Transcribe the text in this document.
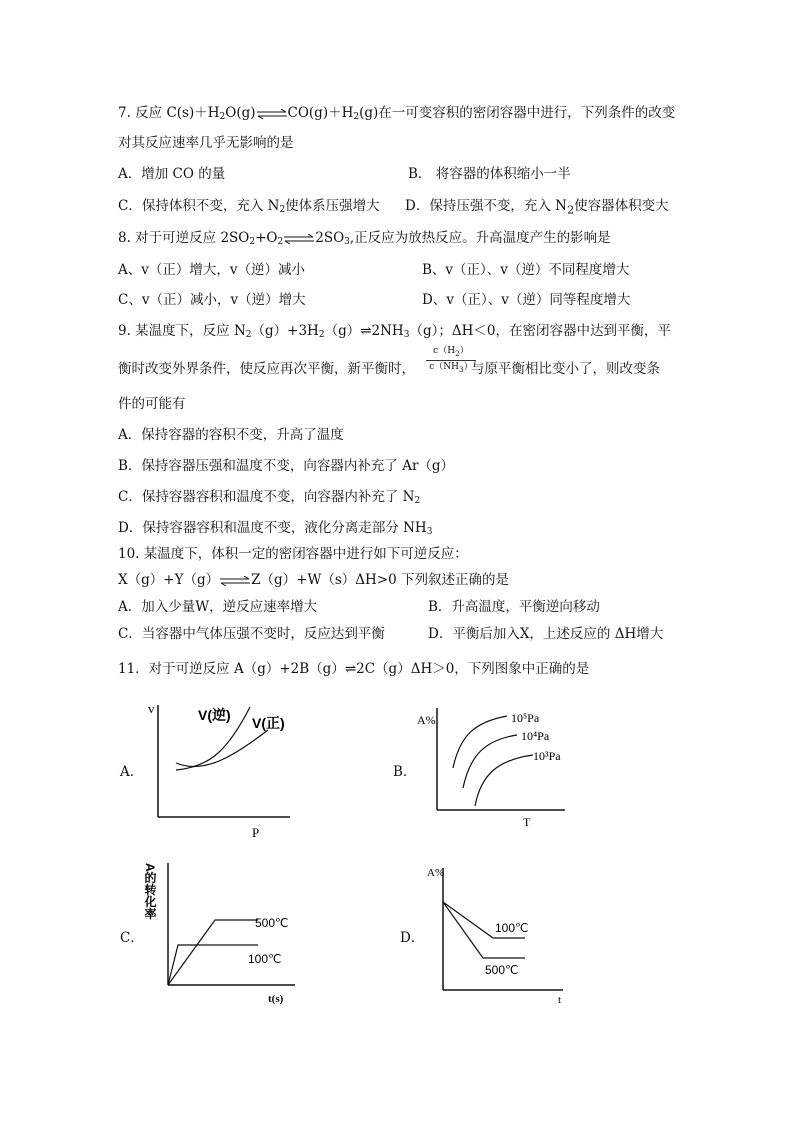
7. 反应 $C(s)+H_2O(g)\rightleftharpoons CO(g)+H_2(g)$在一可变容积的密闭容器中进行，下列条件的改变
对其反应速率几乎无影响的是
A．增加 CO 的量	B． 将容器的体积缩小一半
C．保持体积不变，充入 $N_2$使体系压强增大 D．保持压强不变，充入 $N_2$使容器体积变大
8. 对于可逆反应 $2SO_2+O_2\rightleftharpoons 2SO_3$,正反应为放热反应。升高温度产生的影响是
A、v（正）增大，v（逆）减小	B、v（正）、v（逆）不同程度增大
C、v（正）减小，v（逆）增大	D、v（正）、v（逆）同等程度增大
9. 某温度下，反应 $N_2(g)+3H_2(g)\rightleftharpoons 2NH_3(g)$；ΔH＜0，在密闭容器中达到平衡，平
衡时改变外界条件，使反应再次平衡，新平衡时，	与原平衡相比变小了，则改变条
$c(H_2)$
$c(NH_3)$
件的可能有
A．保持容器的容积不变，升高了温度
B．保持容器压强和温度不变，向容器内补充了 Ar（g）
C．保持容器容积和温度不变，向容器内补充了 $N_2$
D．保持容器容积和温度不变，液化分离走部分 $NH_3$
10. 某温度下，体积一定的密闭容器中进行如下可逆反应：
X（g）+Y（g）⇌Z（g）+W（s）ΔH>0 下列叙述正确的是
A．加入少量W，逆反应速率增大	B．升高温度，平衡逆向移动
C．当容器中气体压强不变时，反应达到平衡	D．平衡后加入X，上述反应的 ΔH增大
11．对于可逆反应 A（g）+2B（g）⇌2C（g）ΔH＞0，下列图象中正确的是
A．	B．
C．	D．
v
P
V(逆) V(正)	A%
T
10⁵Pa
10⁴Pa
10³Pa
A的转化率
t(s)
500℃
100℃
A%
t
100℃
500℃
